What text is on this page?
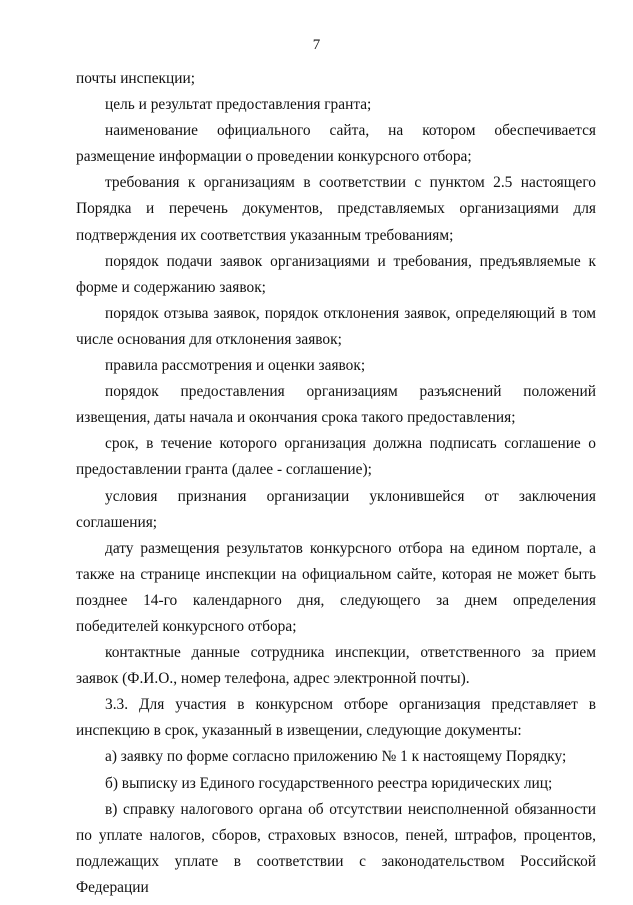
7

почты инспекции;

цель и результат предоставления гранта;

наименование официального сайта, на котором обеспечивается размещение информации о проведении конкурсного отбора;

требования к организациям в соответствии с пунктом 2.5 настоящего Порядка и перечень документов, представляемых организациями для подтверждения их соответствия указанным требованиям;

порядок подачи заявок организациями и требования, предъявляемые к форме и содержанию заявок;

порядок отзыва заявок, порядок отклонения заявок, определяющий в том числе основания для отклонения заявок;

правила рассмотрения и оценки заявок;

порядок предоставления организациям разъяснений положений извещения, даты начала и окончания срока такого предоставления;

срок, в течение которого организация должна подписать соглашение о предоставлении гранта (далее - соглашение);

условия признания организации уклонившейся от заключения соглашения;

дату размещения результатов конкурсного отбора на едином портале, а также на странице инспекции на официальном сайте, которая не может быть позднее 14-го календарного дня, следующего за днем определения победителей конкурсного отбора;

контактные данные сотрудника инспекции, ответственного за прием заявок (Ф.И.О., номер телефона, адрес электронной почты).

3.3. Для участия в конкурсном отборе организация представляет в инспекцию в срок, указанный в извещении, следующие документы:

а) заявку по форме согласно приложению № 1 к настоящему Порядку;

б) выписку из Единого государственного реестра юридических лиц;

в) справку налогового органа об отсутствии неисполненной обязанности по уплате налогов, сборов, страховых взносов, пеней, штрафов, процентов, подлежащих уплате в соответствии с законодательством Российской Федерации
